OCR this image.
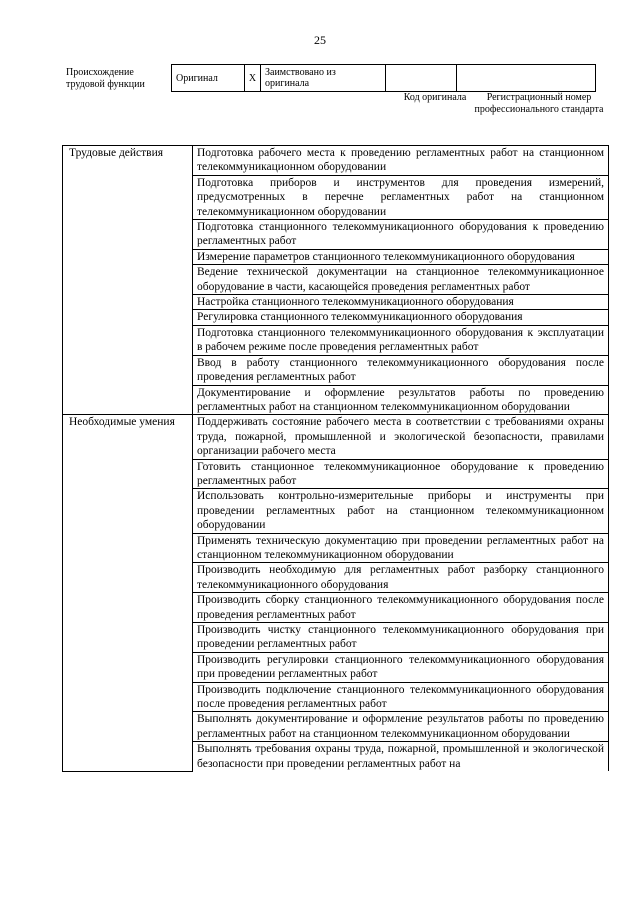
25
Происхождение трудовой функции
Оригинал	X	Заимствовано из оригинала		
Код оригинала	Регистрационный номер профессионального стандарта
Трудовые действия	Подготовка рабочего места к проведению регламентных работ на станционном телекоммуникационном оборудовании
	Подготовка приборов и инструментов для проведения измерений, предусмотренных в перечне регламентных работ на станционном телекоммуникационном оборудовании
	Подготовка станционного телекоммуникационного оборудования к проведению регламентных работ
	Измерение параметров станционного телекоммуникационного оборудования
	Ведение технической документации на станционное телекоммуникационное оборудование в части, касающейся проведения регламентных работ
	Настройка станционного телекоммуникационного оборудования
	Регулировка станционного телекоммуникационного оборудования
	Подготовка станционного телекоммуникационного оборудования к эксплуатации в рабочем режиме после проведения регламентных работ
	Ввод в работу станционного телекоммуникационного оборудования после проведения регламентных работ
	Документирование и оформление результатов работы по проведению регламентных работ на станционном телекоммуникационном оборудовании
Необходимые умения	Поддерживать состояние рабочего места в соответствии с требованиями охраны труда, пожарной, промышленной и экологической безопасности, правилами организации рабочего места
	Готовить станционное телекоммуникационное оборудование к проведению регламентных работ
	Использовать контрольно-измерительные приборы и инструменты при проведении регламентных работ на станционном телекоммуникационном оборудовании
	Применять техническую документацию при проведении регламентных работ на станционном телекоммуникационном оборудовании
	Производить необходимую для регламентных работ разборку станционного телекоммуникационного оборудования
	Производить сборку станционного телекоммуникационного оборудования после проведения регламентных работ
	Производить чистку станционного телекоммуникационного оборудования при проведении регламентных работ
	Производить регулировки станционного телекоммуникационного оборудования при проведении регламентных работ
	Производить подключение станционного телекоммуникационного оборудования после проведения регламентных работ
	Выполнять документирование и оформление результатов работы по проведению регламентных работ на станционном телекоммуникационном оборудовании
	Выполнять требования охраны труда, пожарной, промышленной и экологической безопасности при проведении регламентных работ на
